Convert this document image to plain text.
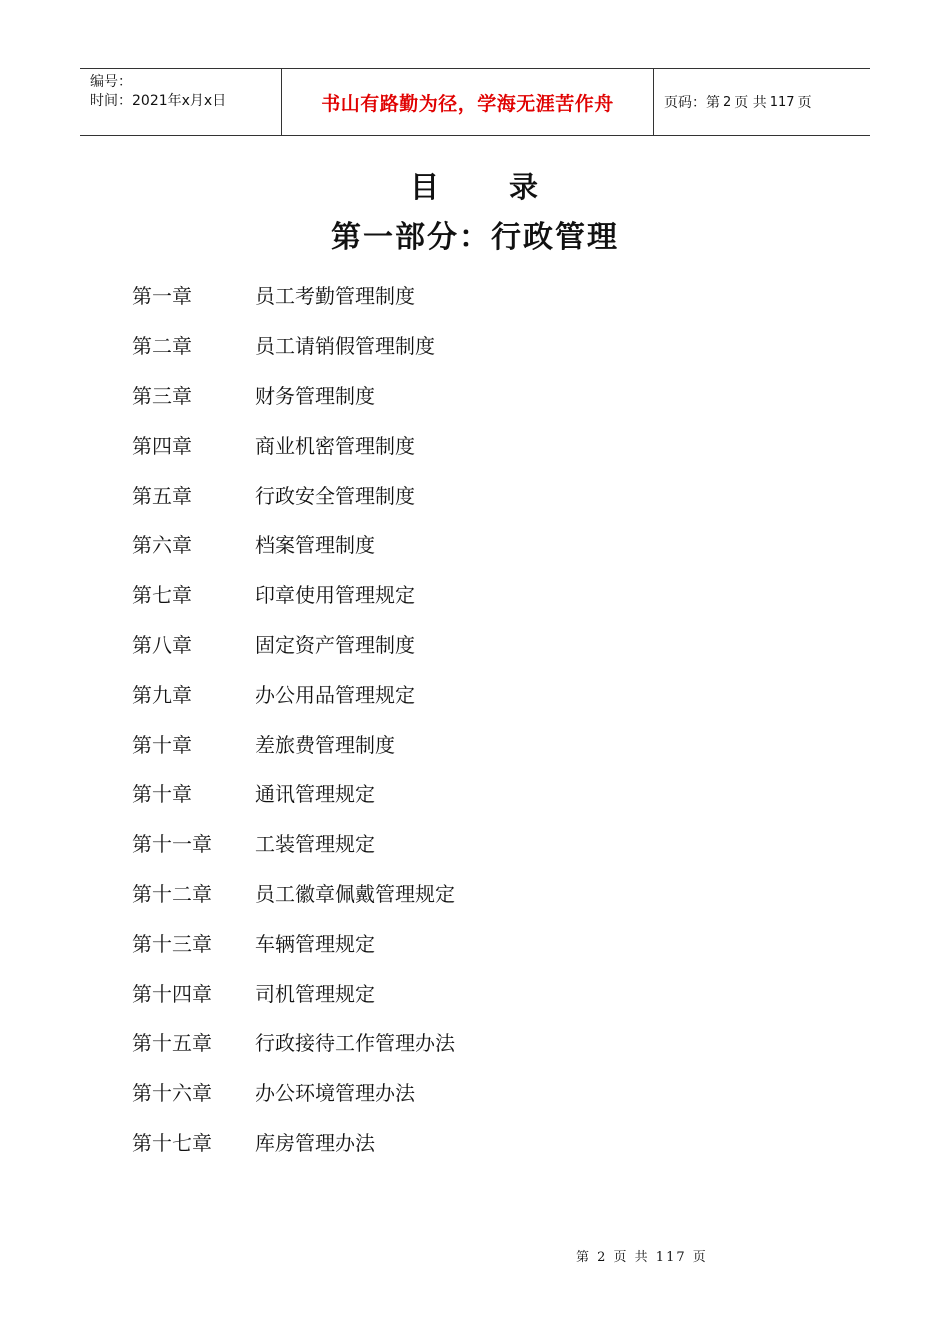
编号：
时间：2021年x月x日	书山有路勤为径，学海无涯苦作舟	页码：第 2 页 共 117 页
目 录
第一部分：行政管理
第一章	员工考勤管理制度
第二章	员工请销假管理制度
第三章	财务管理制度
第四章	商业机密管理制度
第五章	行政安全管理制度
第六章	档案管理制度
第七章	印章使用管理规定
第八章	固定资产管理制度
第九章	办公用品管理规定
第十章	差旅费管理制度
第十章	通讯管理规定
第十一章	工装管理规定
第十二章	员工徽章佩戴管理规定
第十三章	车辆管理规定
第十四章	司机管理规定
第十五章	行政接待工作管理办法
第十六章	办公环境管理办法
第十七章	库房管理办法
第 2 页 共 117 页
